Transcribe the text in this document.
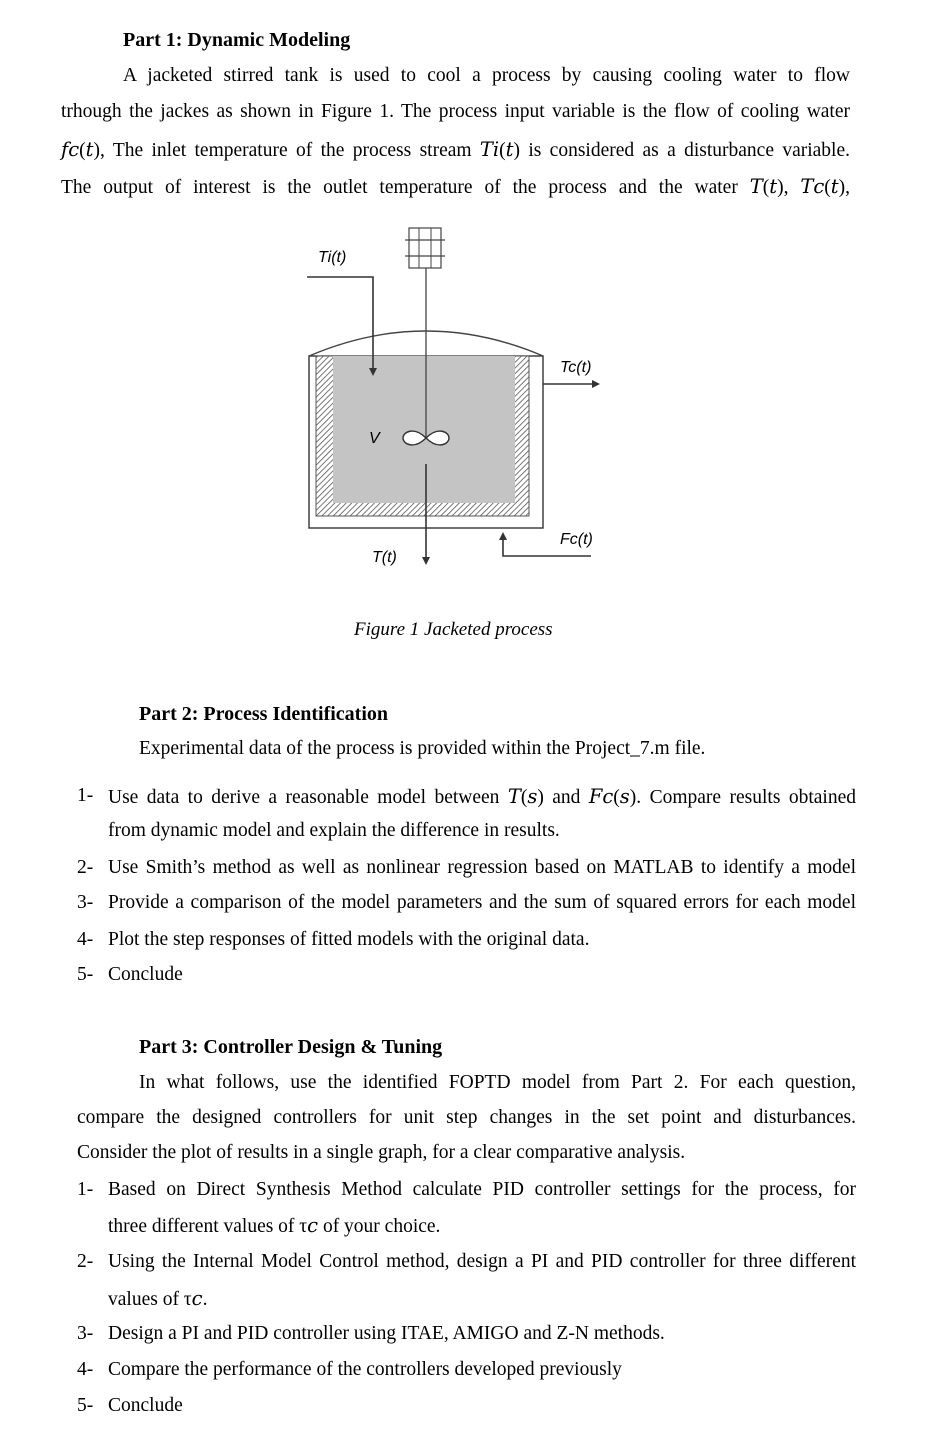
Part 1: Dynamic Modeling
A jacketed stirred tank is used to cool a process by causing cooling water to flow
trhough the jackes as shown in Figure 1. The process input variable is the flow of cooling water
𝑓𝑐(𝑡), The inlet temperature of the process stream 𝑇𝑖(𝑡) is considered as a disturbance variable.
The output of interest is the outlet temperature of the process and the water 𝑇(𝑡), 𝑇𝑐(𝑡),
Ti(t)
V
Tc(t)
Fc(t)
T(t)
Figure 1 Jacketed process
Part 2: Process Identification
Experimental data of the process is provided within the Project_7.m file.
1- Use data to derive a reasonable model between 𝑇(𝑠) and 𝐹𝑐(𝑠). Compare results obtained
from dynamic model and explain the difference in results.
2- Use Smith’s method as well as nonlinear regression based on MATLAB to identify a model
3- Provide a comparison of the model parameters and the sum of squared errors for each model
4- Plot the step responses of fitted models with the original data.
5- Conclude
Part 3: Controller Design & Tuning
In what follows, use the identified FOPTD model from Part 2. For each question,
compare the designed controllers for unit step changes in the set point and disturbances.
Consider the plot of results in a single graph, for a clear comparative analysis.
1- Based on Direct Synthesis Method calculate PID controller settings for the process, for
three different values of τ𝑐 of your choice.
2- Using the Internal Model Control method, design a PI and PID controller for three different
values of τ𝑐.
3- Design a PI and PID controller using ITAE, AMIGO and Z-N methods.
4- Compare the performance of the controllers developed previously
5- Conclude
